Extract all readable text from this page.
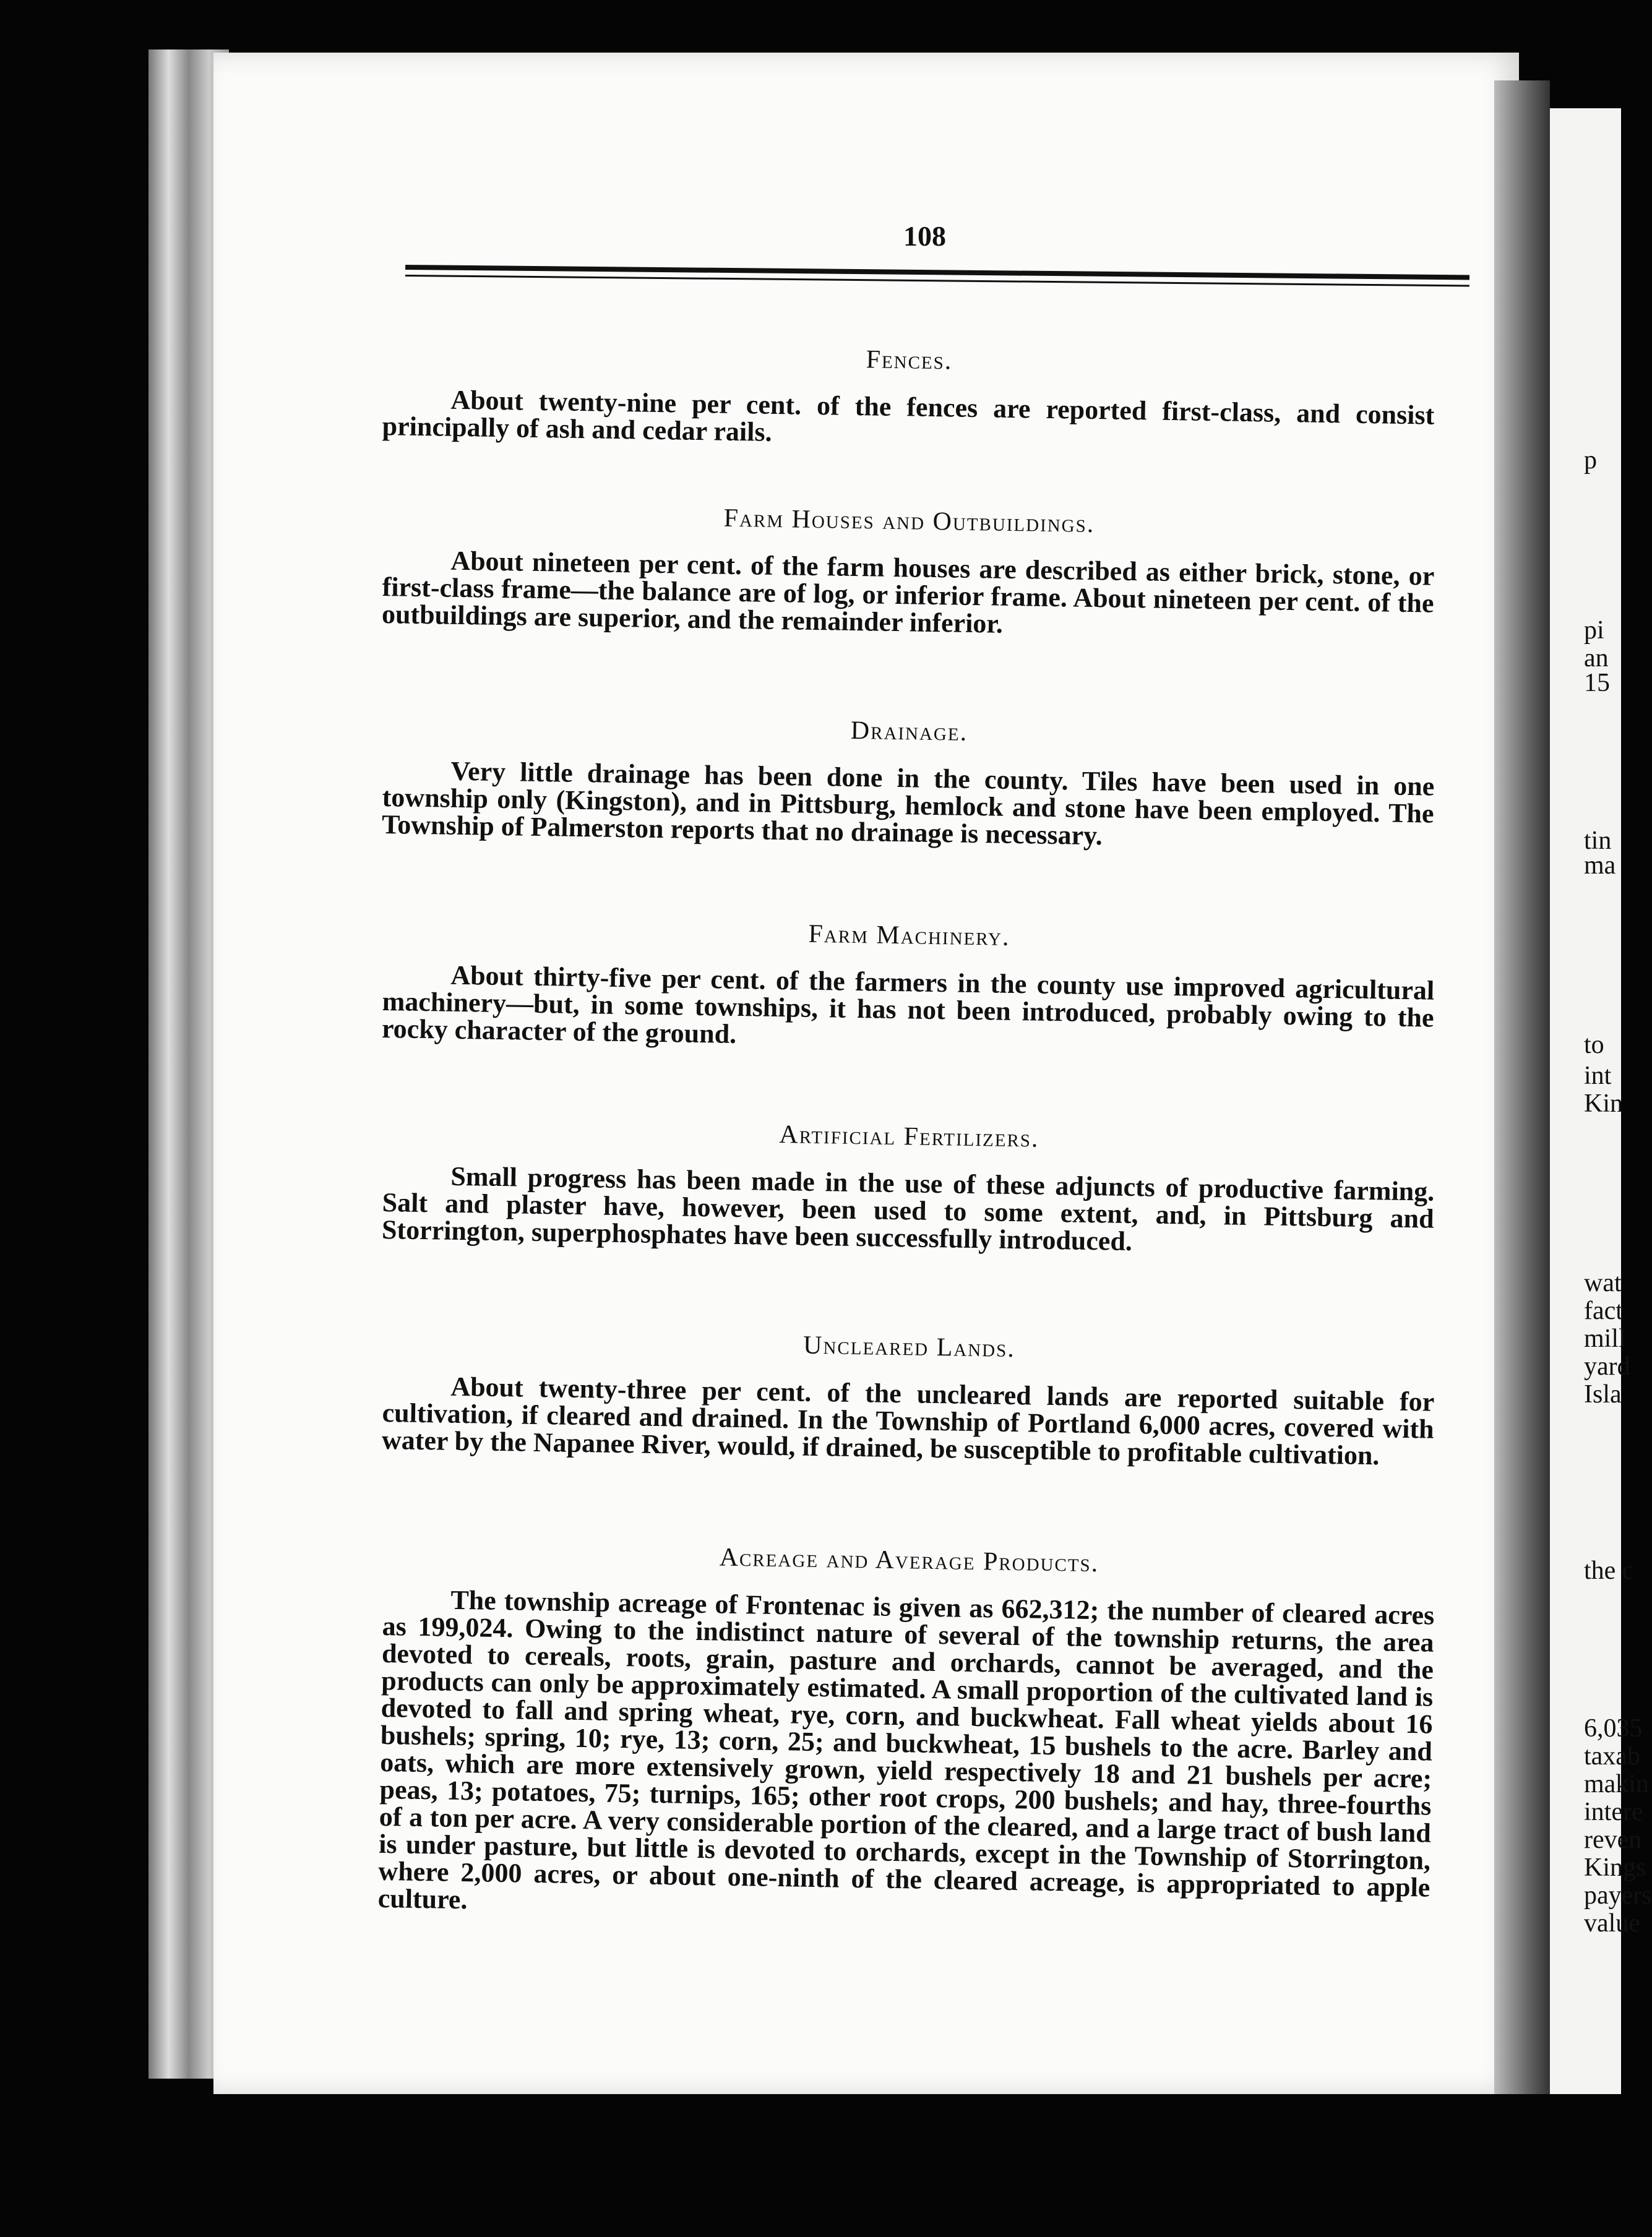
p
pi
an
15
tin
ma
to
int
Kin
wat
fact
mill
yard
Isla
the c
6,035
taxab
makin
intere
reven
Kings
payers
value
108
Fences.
About twenty-nine per cent. of the fences are reported first-class, and consist principally of ash and cedar rails.
Farm Houses and Outbuildings.
About nineteen per cent. of the farm houses are described as either brick, stone, or first-class frame—the balance are of log, or inferior frame. About nineteen per cent. of the outbuildings are superior, and the remainder inferior.
Drainage.
Very little drainage has been done in the county. Tiles have been used in one township only (Kingston), and in Pittsburg, hemlock and stone have been employed. The Township of Palmerston reports that no drainage is necessary.
Farm Machinery.
About thirty-five per cent. of the farmers in the county use improved agricultural machinery—but, in some townships, it has not been introduced, probably owing to the rocky character of the ground.
Artificial Fertilizers.
Small progress has been made in the use of these adjuncts of productive farming. Salt and plaster have, however, been used to some extent, and, in Pittsburg and Storrington, superphosphates have been successfully introduced.
Uncleared Lands.
About twenty-three per cent. of the uncleared lands are reported suitable for cultivation, if cleared and drained. In the Township of Portland 6,000 acres, covered with water by the Napanee River, would, if drained, be susceptible to profitable cultivation.
Acreage and Average Products.
The township acreage of Frontenac is given as 662,312; the number of cleared acres as 199,024. Owing to the indistinct nature of several of the township returns, the area devoted to cereals, roots, grain, pasture and orchards, cannot be averaged, and the products can only be approximately estimated. A small proportion of the cultivated land is devoted to fall and spring wheat, rye, corn, and buckwheat. Fall wheat yields about 16 bushels; spring, 10; rye, 13; corn, 25; and buckwheat, 15 bushels to the acre. Barley and oats, which are more extensively grown, yield respectively 18 and 21 bushels per acre; peas, 13; potatoes, 75; turnips, 165; other root crops, 200 bushels; and hay, three-fourths of a ton per acre. A very considerable portion of the cleared, and a large tract of bush land is under pasture, but little is devoted to orchards, except in the Township of Storrington, where 2,000 acres, or about one-ninth of the cleared acreage, is appropriated to apple culture.
